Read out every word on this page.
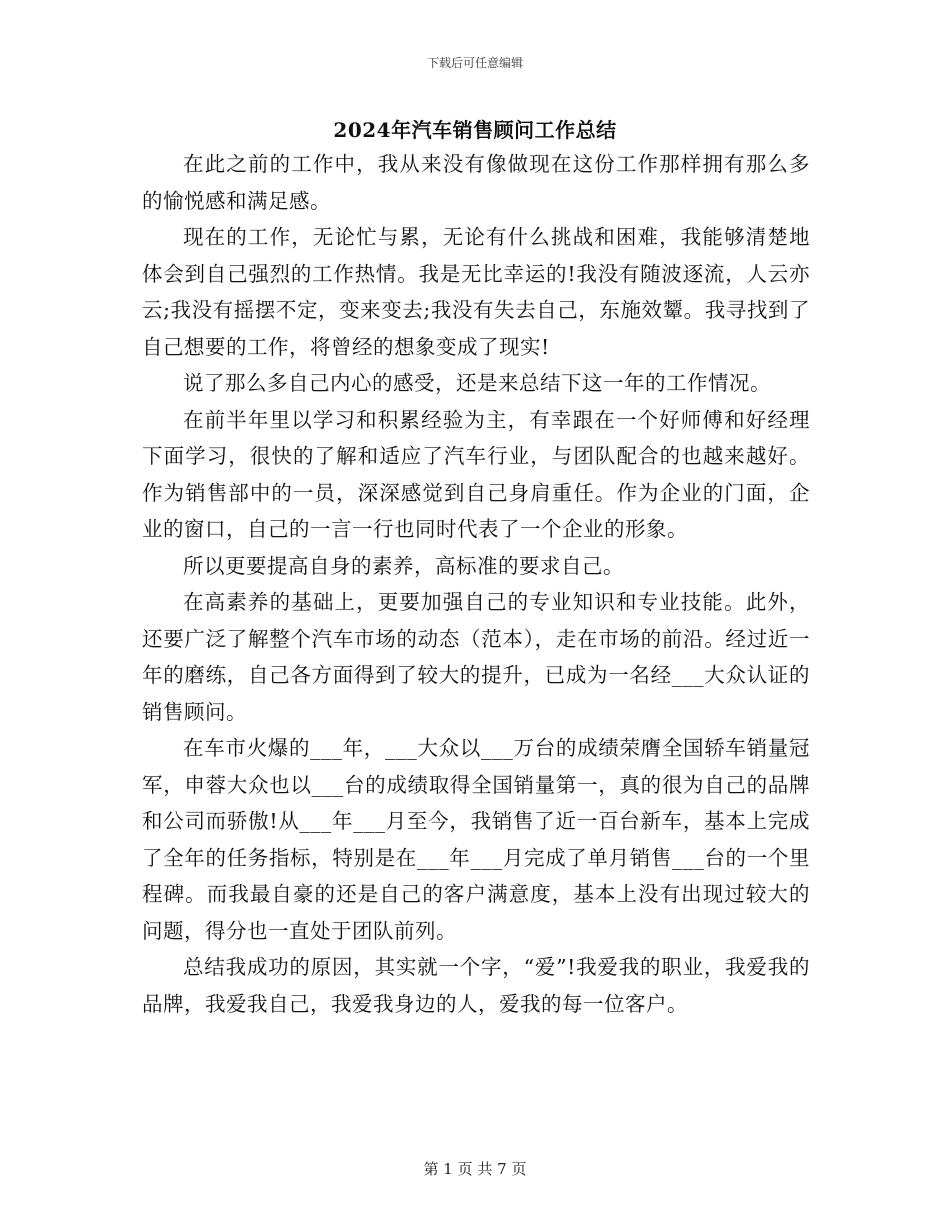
下载后可任意编辑
2024年汽车销售顾问工作总结

在此之前的工作中，我从来没有像做现在这份工作那样拥有那么多的愉悦感和满足感。

现在的工作，无论忙与累，无论有什么挑战和困难，我能够清楚地体会到自己强烈的工作热情。我是无比幸运的!我没有随波逐流，人云亦云;我没有摇摆不定，变来变去;我没有失去自己，东施效颦。我寻找到了自己想要的工作，将曾经的想象变成了现实!

说了那么多自己内心的感受，还是来总结下这一年的工作情况。

在前半年里以学习和积累经验为主，有幸跟在一个好师傅和好经理下面学习，很快的了解和适应了汽车行业，与团队配合的也越来越好。作为销售部中的一员，深深感觉到自己身肩重任。作为企业的门面，企业的窗口，自己的一言一行也同时代表了一个企业的形象。

所以更要提高自身的素养，高标准的要求自己。

在高素养的基础上，更要加强自己的专业知识和专业技能。此外，还要广泛了解整个汽车市场的动态（范本），走在市场的前沿。经过近一年的磨练，自己各方面得到了较大的提升，已成为一名经___大众认证的销售顾问。

在车市火爆的___年，___大众以___万台的成绩荣膺全国轿车销量冠军，申蓉大众也以___台的成绩取得全国销量第一，真的很为自己的品牌和公司而骄傲!从___年___月至今，我销售了近一百台新车，基本上完成了全年的任务指标，特别是在___年___月完成了单月销售___台的一个里程碑。而我最自豪的还是自己的客户满意度，基本上没有出现过较大的问题，得分也一直处于团队前列。

总结我成功的原因，其实就一个字，“爱”!我爱我的职业，我爱我的品牌，我爱我自己，我爱我身边的人，爱我的每一位客户。

第 1 页 共 7 页
